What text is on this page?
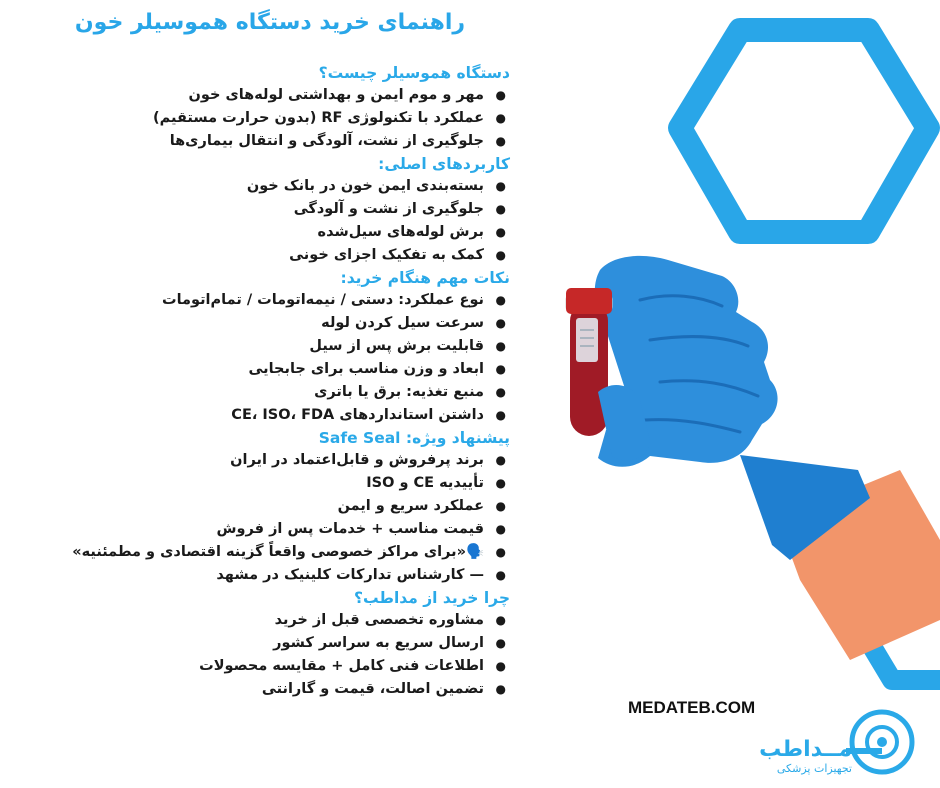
راهنمای خرید دستگاه هموسیلر خون
دستگاه هموسیلر چیست؟
●
مهر و موم ایمن و بهداشتی لوله‌های خون
●
عملکرد با تکنولوژی RF (بدون حرارت مستقیم)
●
جلوگیری از نشت، آلودگی و انتقال بیماری‌ها
کاربردهای اصلی:
●
بسته‌بندی ایمن خون در بانک خون
●
جلوگیری از نشت و آلودگی
●
برش لوله‌های سیل‌شده
●
کمک به تفکیک اجزای خونی
نکات مهم هنگام خرید:
●
نوع عملکرد: دستی / نیمه‌اتومات / تمام‌اتومات
●
سرعت سیل کردن لوله
●
قابلیت برش پس از سیل
●
ابعاد و وزن مناسب برای جابجایی
●
منبع تغذیه: برق یا باتری
●
داشتن استانداردهای CE، ISO، FDA
پیشنهاد ویژه: Safe Seal
●
برند پرفروش و قابل‌اعتماد در ایران
●
تأییدیه CE و ISO
●
عملکرد سریع و ایمن
●
قیمت مناسب + خدمات پس از فروش
●
🗣️«برای مراکز خصوصی واقعاً گزینه اقتصادی و مطمئنیه»
●
— کارشناس تدارکات کلینیک در مشهد
چرا خرید از مداطب؟
●
مشاوره تخصصی قبل از خرید
●
ارسال سریع به سراسر کشور
●
اطلاعات فنی کامل + مقایسه محصولات
●
تضمین اصالت، قیمت و گارانتی
MEDATEB.COM
مــداطب
تجهیزات پزشکی
